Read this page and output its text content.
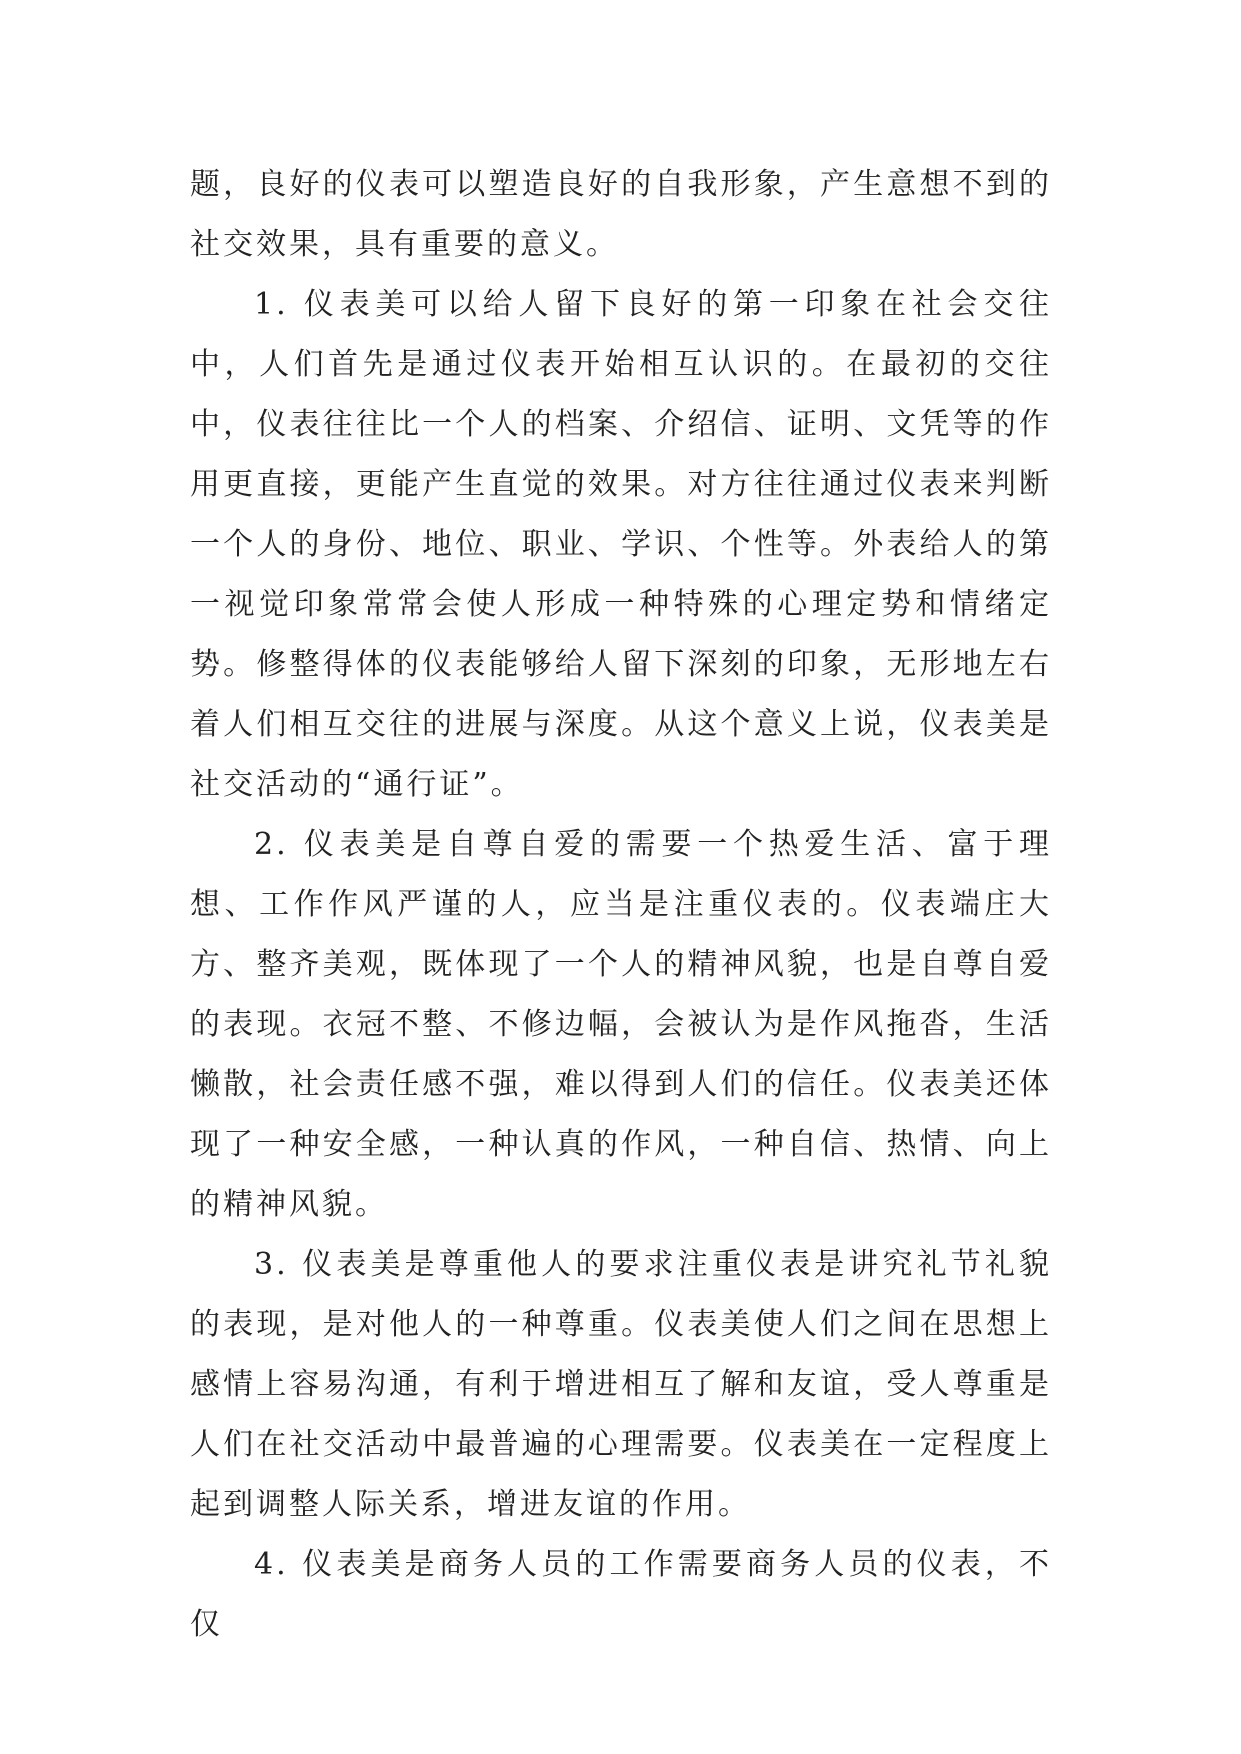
题，良好的仪表可以塑造良好的自我形象，产生意想不到的社交效果，具有重要的意义。

1. 仪表美可以给人留下良好的第一印象在社会交往中，人们首先是通过仪表开始相互认识的。在最初的交往中，仪表往往比一个人的档案、介绍信、证明、文凭等的作用更直接，更能产生直觉的效果。对方往往通过仪表来判断一个人的身份、地位、职业、学识、个性等。外表给人的第一视觉印象常常会使人形成一种特殊的心理定势和情绪定势。修整得体的仪表能够给人留下深刻的印象，无形地左右着人们相互交往的进展与深度。从这个意义上说，仪表美是社交活动的“通行证”。

2. 仪表美是自尊自爱的需要一个热爱生活、富于理想、工作作风严谨的人，应当是注重仪表的。仪表端庄大方、整齐美观，既体现了一个人的精神风貌，也是自尊自爱的表现。衣冠不整、不修边幅，会被认为是作风拖沓，生活懒散，社会责任感不强，难以得到人们的信任。仪表美还体现了一种安全感，一种认真的作风，一种自信、热情、向上的精神风貌。

3. 仪表美是尊重他人的要求注重仪表是讲究礼节礼貌的表现，是对他人的一种尊重。仪表美使人们之间在思想上感情上容易沟通，有利于增进相互了解和友谊，受人尊重是人们在社交活动中最普遍的心理需要。仪表美在一定程度上起到调整人际关系，增进友谊的作用。

4. 仪表美是商务人员的工作需要商务人员的仪表，不仅
